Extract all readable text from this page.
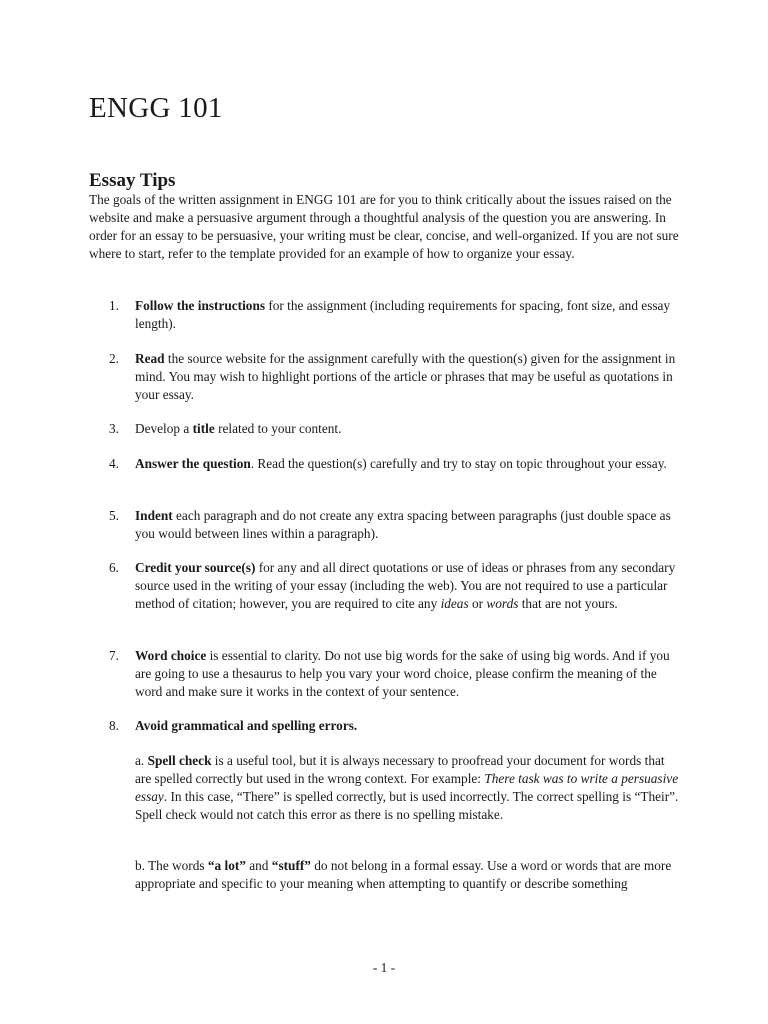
ENGG 101
Essay Tips

The goals of the written assignment in ENGG 101 are for you to think critically about the issues raised on the website and make a persuasive argument through a thoughtful analysis of the question you are answering. In order for an essay to be persuasive, your writing must be clear, concise, and well-organized. If you are not sure where to start, refer to the template provided for an example of how to organize your essay.

1. Follow the instructions for the assignment (including requirements for spacing, font size, and essay length).
2. Read the source website for the assignment carefully with the question(s) given for the assignment in mind. You may wish to highlight portions of the article or phrases that may be useful as quotations in your essay.
3. Develop a title related to your content.
4. Answer the question. Read the question(s) carefully and try to stay on topic throughout your essay.
5. Indent each paragraph and do not create any extra spacing between paragraphs (just double space as you would between lines within a paragraph).
6. Credit your source(s) for any and all direct quotations or use of ideas or phrases from any secondary source used in the writing of your essay (including the web). You are not required to use a particular method of citation; however, you are required to cite any ideas or words that are not yours.
7. Word choice is essential to clarity. Do not use big words for the sake of using big words. And if you are going to use a thesaurus to help you vary your word choice, please confirm the meaning of the word and make sure it works in the context of your sentence.
8. Avoid grammatical and spelling errors.
a. Spell check is a useful tool, but it is always necessary to proofread your document for words that are spelled correctly but used in the wrong context. For example: There task was to write a persuasive essay. In this case, “There” is spelled correctly, but is used incorrectly. The correct spelling is “Their”. Spell check would not catch this error as there is no spelling mistake.
b. The words “a lot” and “stuff” do not belong in a formal essay. Use a word or words that are more appropriate and specific to your meaning when attempting to quantify or describe something
- 1 -
